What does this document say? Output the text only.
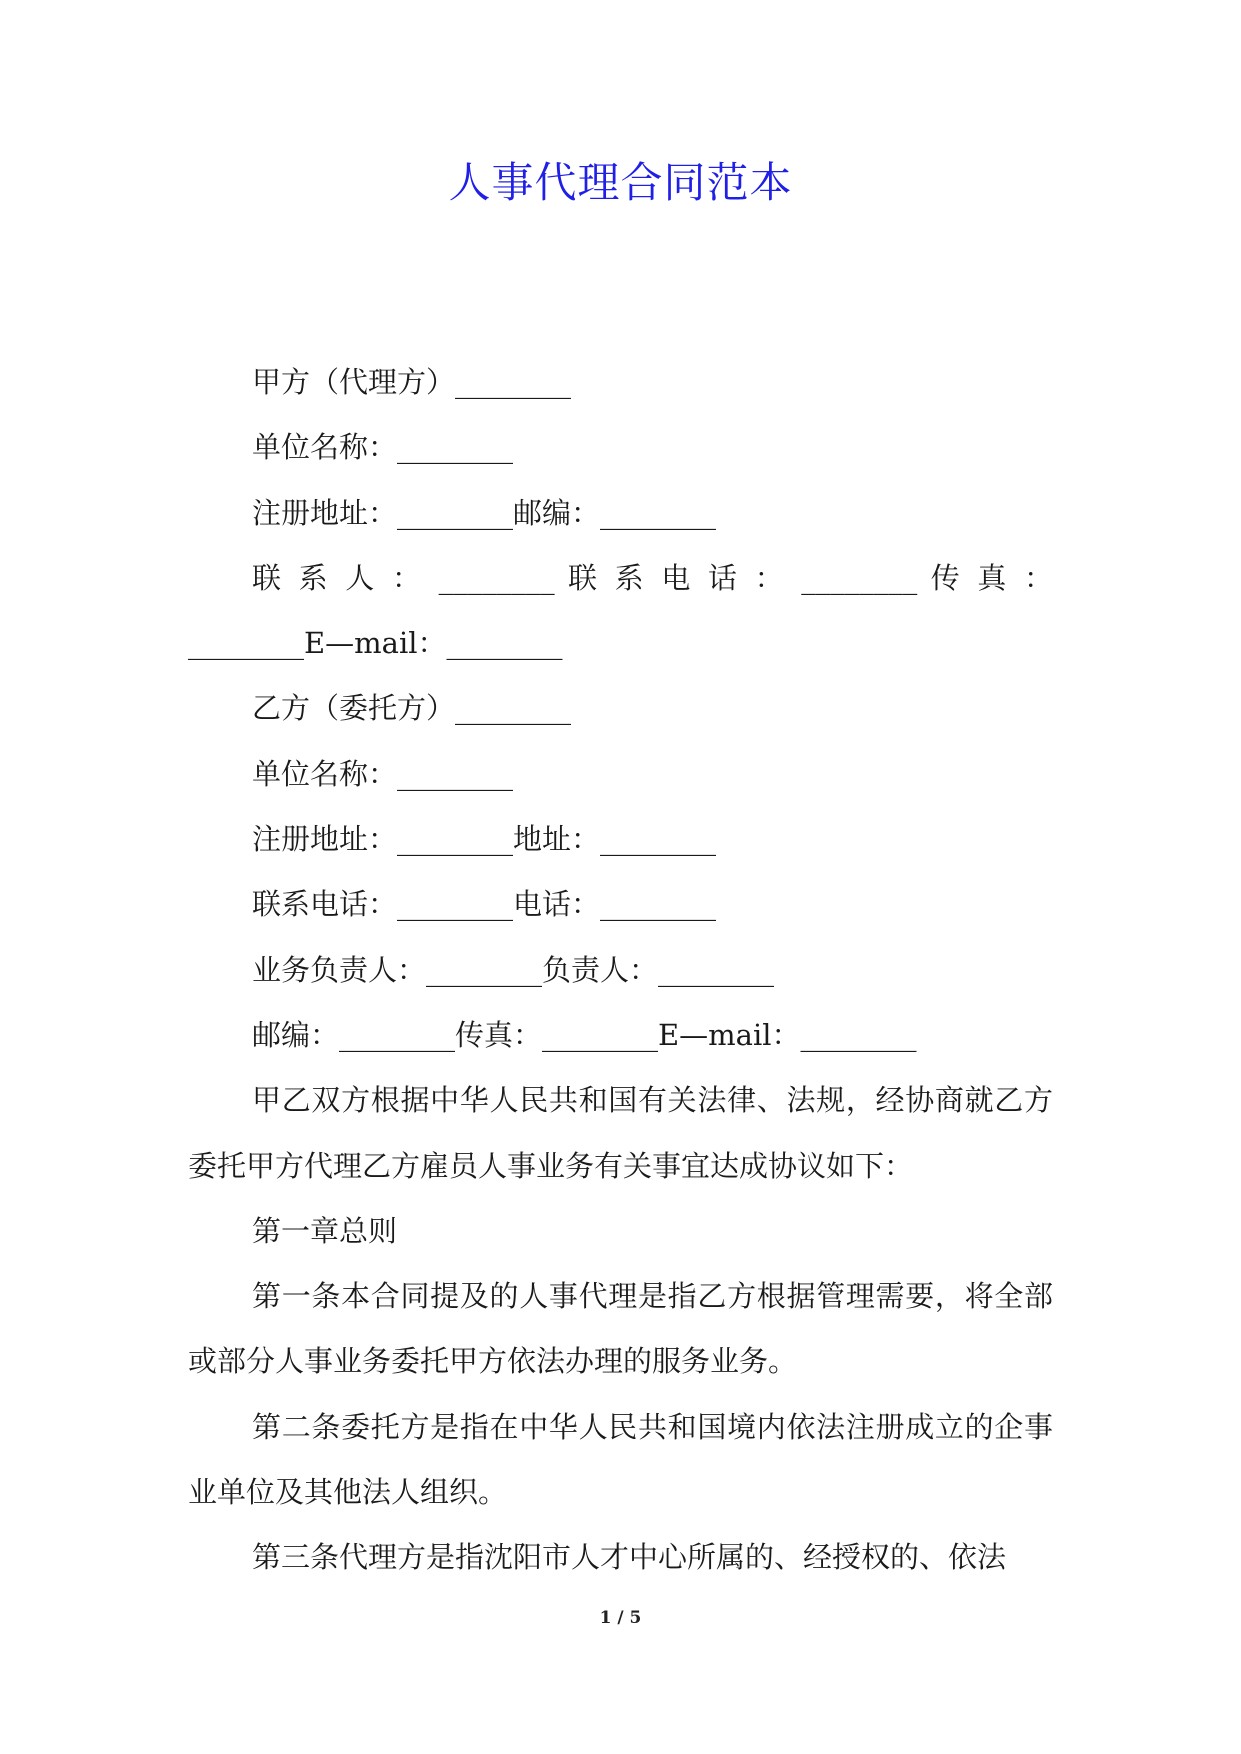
人事代理合同范本
甲方（代理方）________
单位名称：________
注册地址：________邮编：________
联 系 人 ： ________ 联 系 电 话 ： ________ 传 真 ：
________E—mail：________
乙方（委托方）________
单位名称：________
注册地址：________地址：________
联系电话：________电话：________
业务负责人：________负责人：________
邮编：________传真：________E—mail：________

甲乙双方根据中华人民共和国有关法律、法规，经协商就乙方委托甲方代理乙方雇员人事业务有关事宜达成协议如下：

第一章总则

第一条本合同提及的人事代理是指乙方根据管理需要，将全部或部分人事业务委托甲方依法办理的服务业务。

第二条委托方是指在中华人民共和国境内依法注册成立的企事业单位及其他法人组织。

第三条代理方是指沈阳市人才中心所属的、经授权的、依法

1 / 5
